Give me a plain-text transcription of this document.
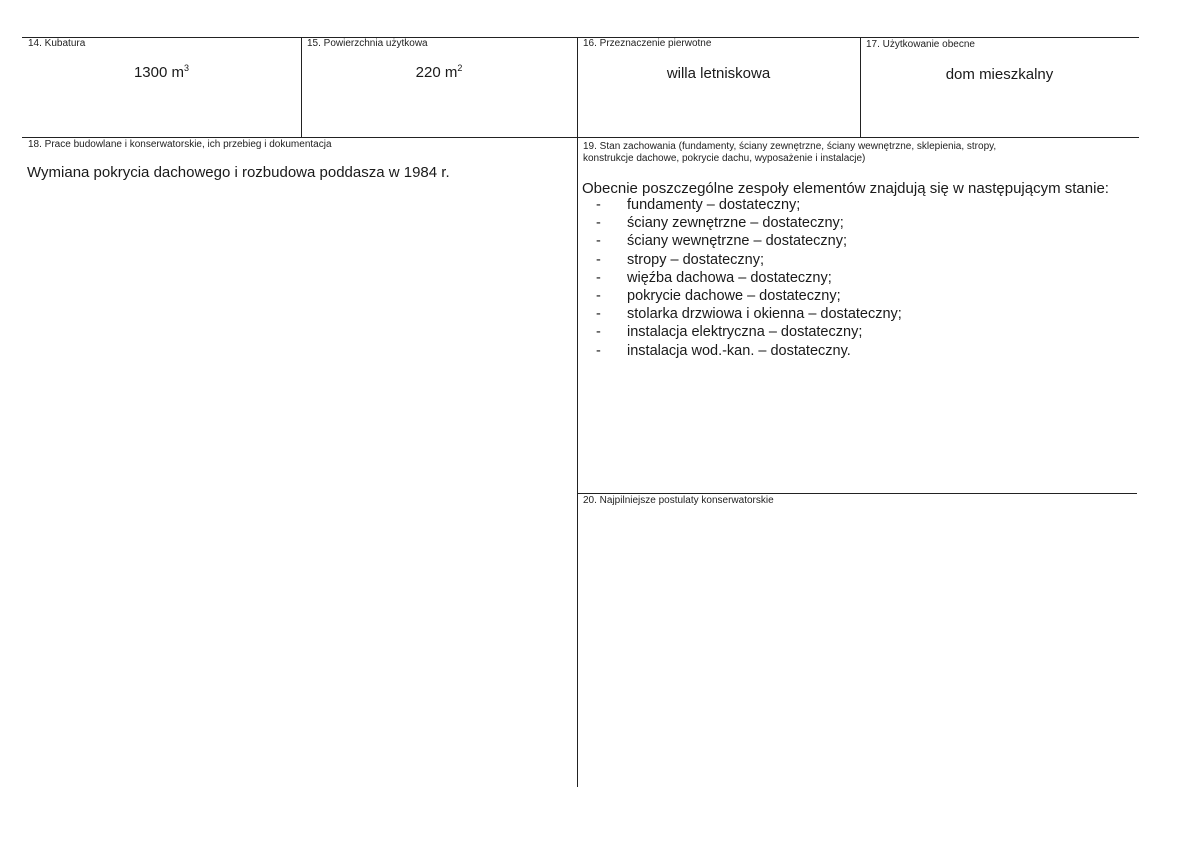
14. Kubatura
1300 $m^3$
15. Powierzchnia użytkowa
220 $m^2$
16. Przeznaczenie pierwotne
willa letniskowa
17. Użytkowanie obecne
dom mieszkalny
18. Prace budowlane i konserwatorskie, ich przebieg i dokumentacja
Wymiana pokrycia dachowego i rozbudowa poddasza w 1984 r.
19. Stan zachowania (fundamenty, ściany zewnętrzne, ściany wewnętrzne, sklepienia, stropy,
konstrukcje dachowe, pokrycie dachu, wyposażenie i instalacje)
Obecnie poszczególne zespoły elementów znajdują się w następującym stanie:
- fundamenty – dostateczny;
- ściany zewnętrzne – dostateczny;
- ściany wewnętrzne – dostateczny;
- stropy – dostateczny;
- więźba dachowa – dostateczny;
- pokrycie dachowe – dostateczny;
- stolarka drzwiowa i okienna – dostateczny;
- instalacja elektryczna – dostateczny;
- instalacja wod.-kan. – dostateczny.
20. Najpilniejsze postulaty konserwatorskie
